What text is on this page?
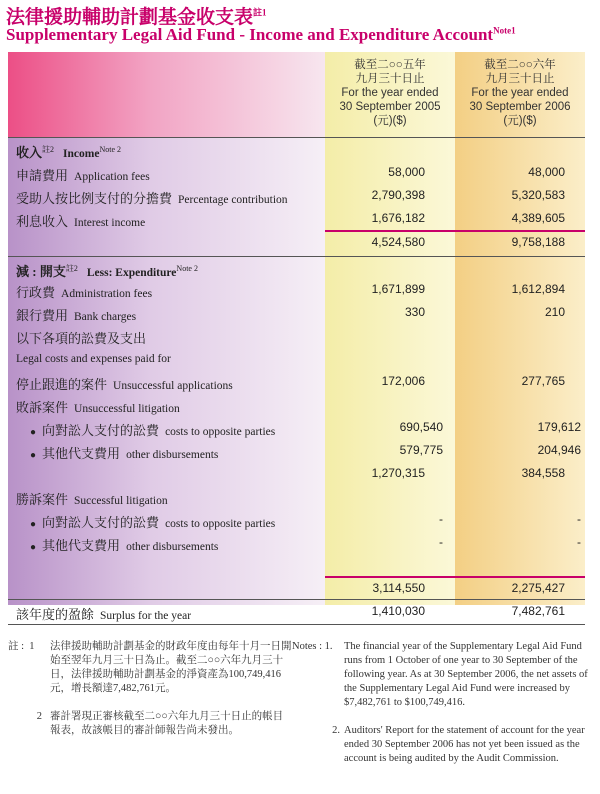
法律援助輔助計劃基金收支表$^{註1}$
Supplementary Legal Aid Fund - Income and Expenditure Account$^{Note1}$
截至二○○五年
九月三十日止
For the year ended
30 September 2005
(元)($)
截至二○○六年
九月三十日止
For the year ended
30 September 2006
(元)($)
收入$^{註2}$ Income$^{Note 2}$
申請費用 Application fees	58,000	48,000
受助人按比例支付的分擔費 Percentage contribution	2,790,398	5,320,583
利息收入 Interest income	1,676,182	4,389,605
4,524,580	9,758,188
減 : 開支$^{註2}$ Less: Expenditure$^{Note 2}$
行政費 Administration fees	1,671,899	1,612,894
銀行費用 Bank charges	330	210
以下各項的訟費及支出
Legal costs and expenses paid for
停止跟進的案件 Unsuccessful applications	172,006	277,765
敗訴案件 Unsuccessful litigation
● 向對訟人支付的訟費 costs to opposite parties	690,540	179,612
● 其他代支費用 other disbursements	579,775	204,946
1,270,315	384,558
勝訴案件 Successful litigation
● 向對訟人支付的訟費 costs to opposite parties	-	-
● 其他代支費用 other disbursements	-	-
3,114,550	2,275,427
該年度的盈餘 Surplus for the year	1,410,030	7,482,761
註 : 1	法律援助輔助計劃基金的財政年度由每年十月一日開始至翌年九月三十日為止。截至二○○六年九月三十日，法律援助輔助計劃基金的淨資產為100,749,416元，增長額達7,482,761元。
2 審計署現正審核截至二○○六年九月三十日止的帳目報表，故該帳目的審計師報告尚未發出。
Notes : 1.	The financial year of the Supplementary Legal Aid Fund runs from 1 October of one year to 30 September of the following year. As at 30 September 2006, the net assets of the Supplementary Legal Aid Fund were increased by $7,482,761 to $100,749,416.
2. Auditors' Report for the statement of account for the year ended 30 September 2006 has not yet been issued as the account is being audited by the Audit Commission.
